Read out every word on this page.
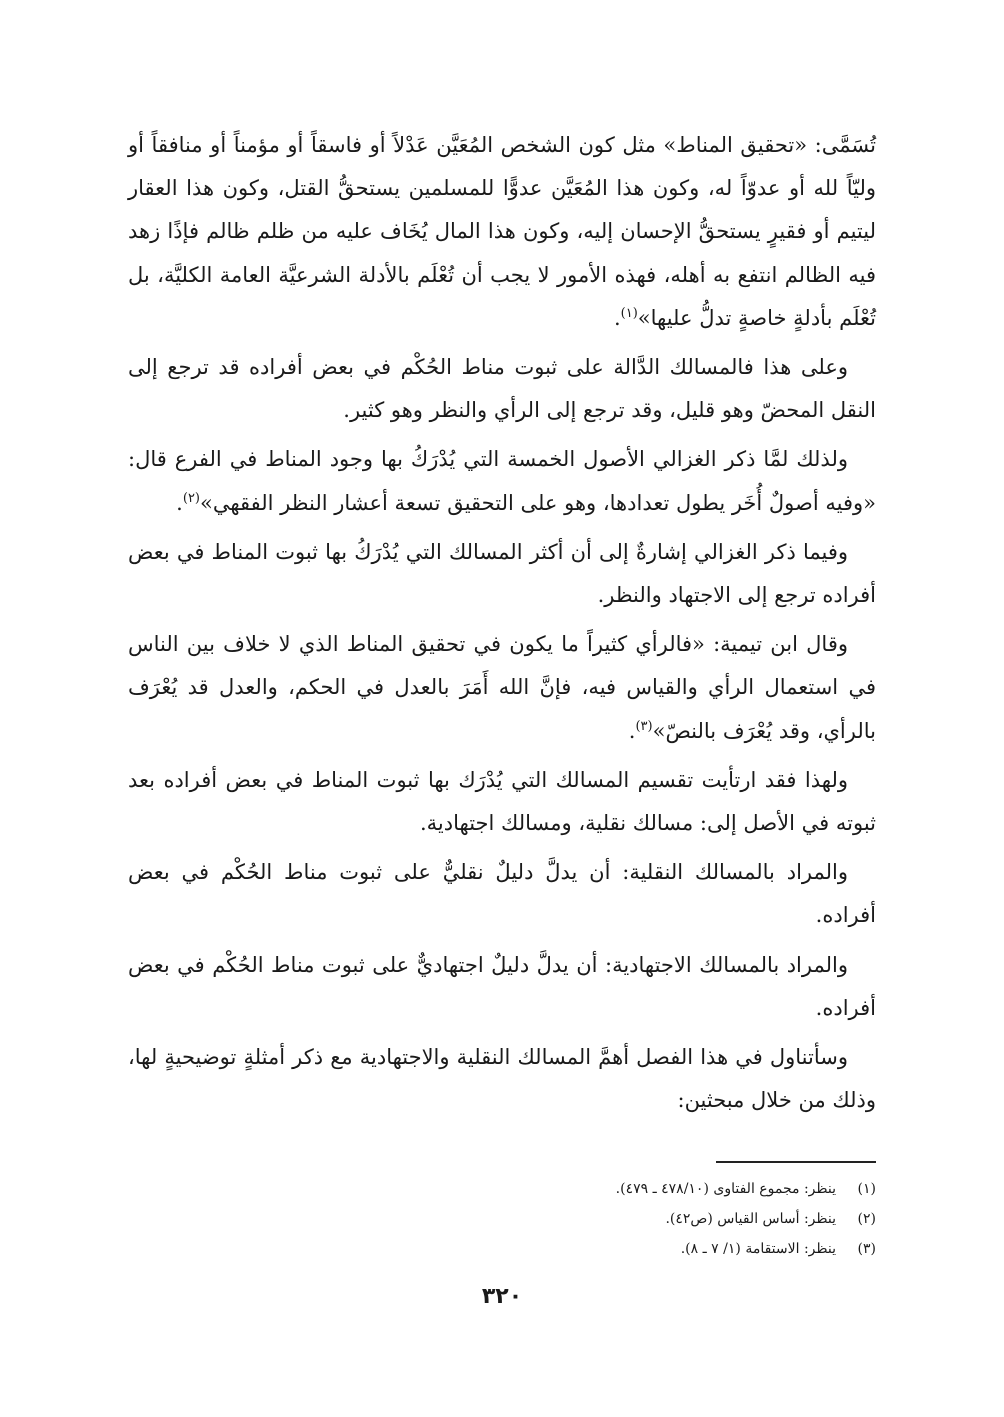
تُسَمَّى: «تحقيق المناط» مثل كون الشخص المُعَيَّن عَدْلاً أو فاسقاً أو مؤمناً أو منافقاً أو وليّاً لله أو عدوّاً له، وكون هذا المُعَيَّن عدوًّا للمسلمين يستحقُّ القتل، وكون هذا العقار ليتيم أو فقيرٍ يستحقُّ الإحسان إليه، وكون هذا المال يُخَاف عليه من ظلم ظالم فإذًا زهد فيه الظالم انتفع به أهله، فهذه الأمور لا يجب أن تُعْلَم بالأدلة الشرعيَّة العامة الكليَّة، بل تُعْلَم بأدلةٍ خاصةٍ تدلُّ عليها»$^{(١)}$.

وعلى هذا فالمسالك الدَّالة على ثبوت مناط الحُكْم في بعض أفراده قد ترجع إلى النقل المحضّ وهو قليل، وقد ترجع إلى الرأي والنظر وهو كثير.

ولذلك لمَّا ذكر الغزالي الأصول الخمسة التي يُدْرَكُ بها وجود المناط في الفرع قال: «وفيه أصولٌ أُخَر يطول تعدادها، وهو على التحقيق تسعة أعشار النظر الفقهي»$^{(٢)}$.

وفيما ذكر الغزالي إشارةٌ إلى أن أكثر المسالك التي يُدْرَكُ بها ثبوت المناط في بعض أفراده ترجع إلى الاجتهاد والنظر.

وقال ابن تيمية: «فالرأي كثيراً ما يكون في تحقيق المناط الذي لا خلاف بين الناس في استعمال الرأي والقياس فيه، فإنَّ الله أَمَرَ بالعدل في الحكم، والعدل قد يُعْرَف بالرأي، وقد يُعْرَف بالنصّ»$^{(٣)}$.

ولهذا فقد ارتأيت تقسيم المسالك التي يُدْرَك بها ثبوت المناط في بعض أفراده بعد ثبوته في الأصل إلى: مسالك نقلية، ومسالك اجتهادية.

والمراد بالمسالك النقلية: أن يدلَّ دليلٌ نقليٌّ على ثبوت مناط الحُكْم في بعض أفراده.

والمراد بالمسالك الاجتهادية: أن يدلَّ دليلٌ اجتهاديٌّ على ثبوت مناط الحُكْم في بعض أفراده.

وسأتناول في هذا الفصل أهمَّ المسالك النقلية والاجتهادية مع ذكر أمثلةٍ توضيحيةٍ لها، وذلك من خلال مبحثين:

(١)
ينظر: مجموع الفتاوى (٤٧٨/١٠ ـ ٤٧٩).
(٢)
ينظر: أساس القياس (ص٤٢).
(٣)
ينظر: الاستقامة (١/ ٧ ـ ٨).
٣٢٠
